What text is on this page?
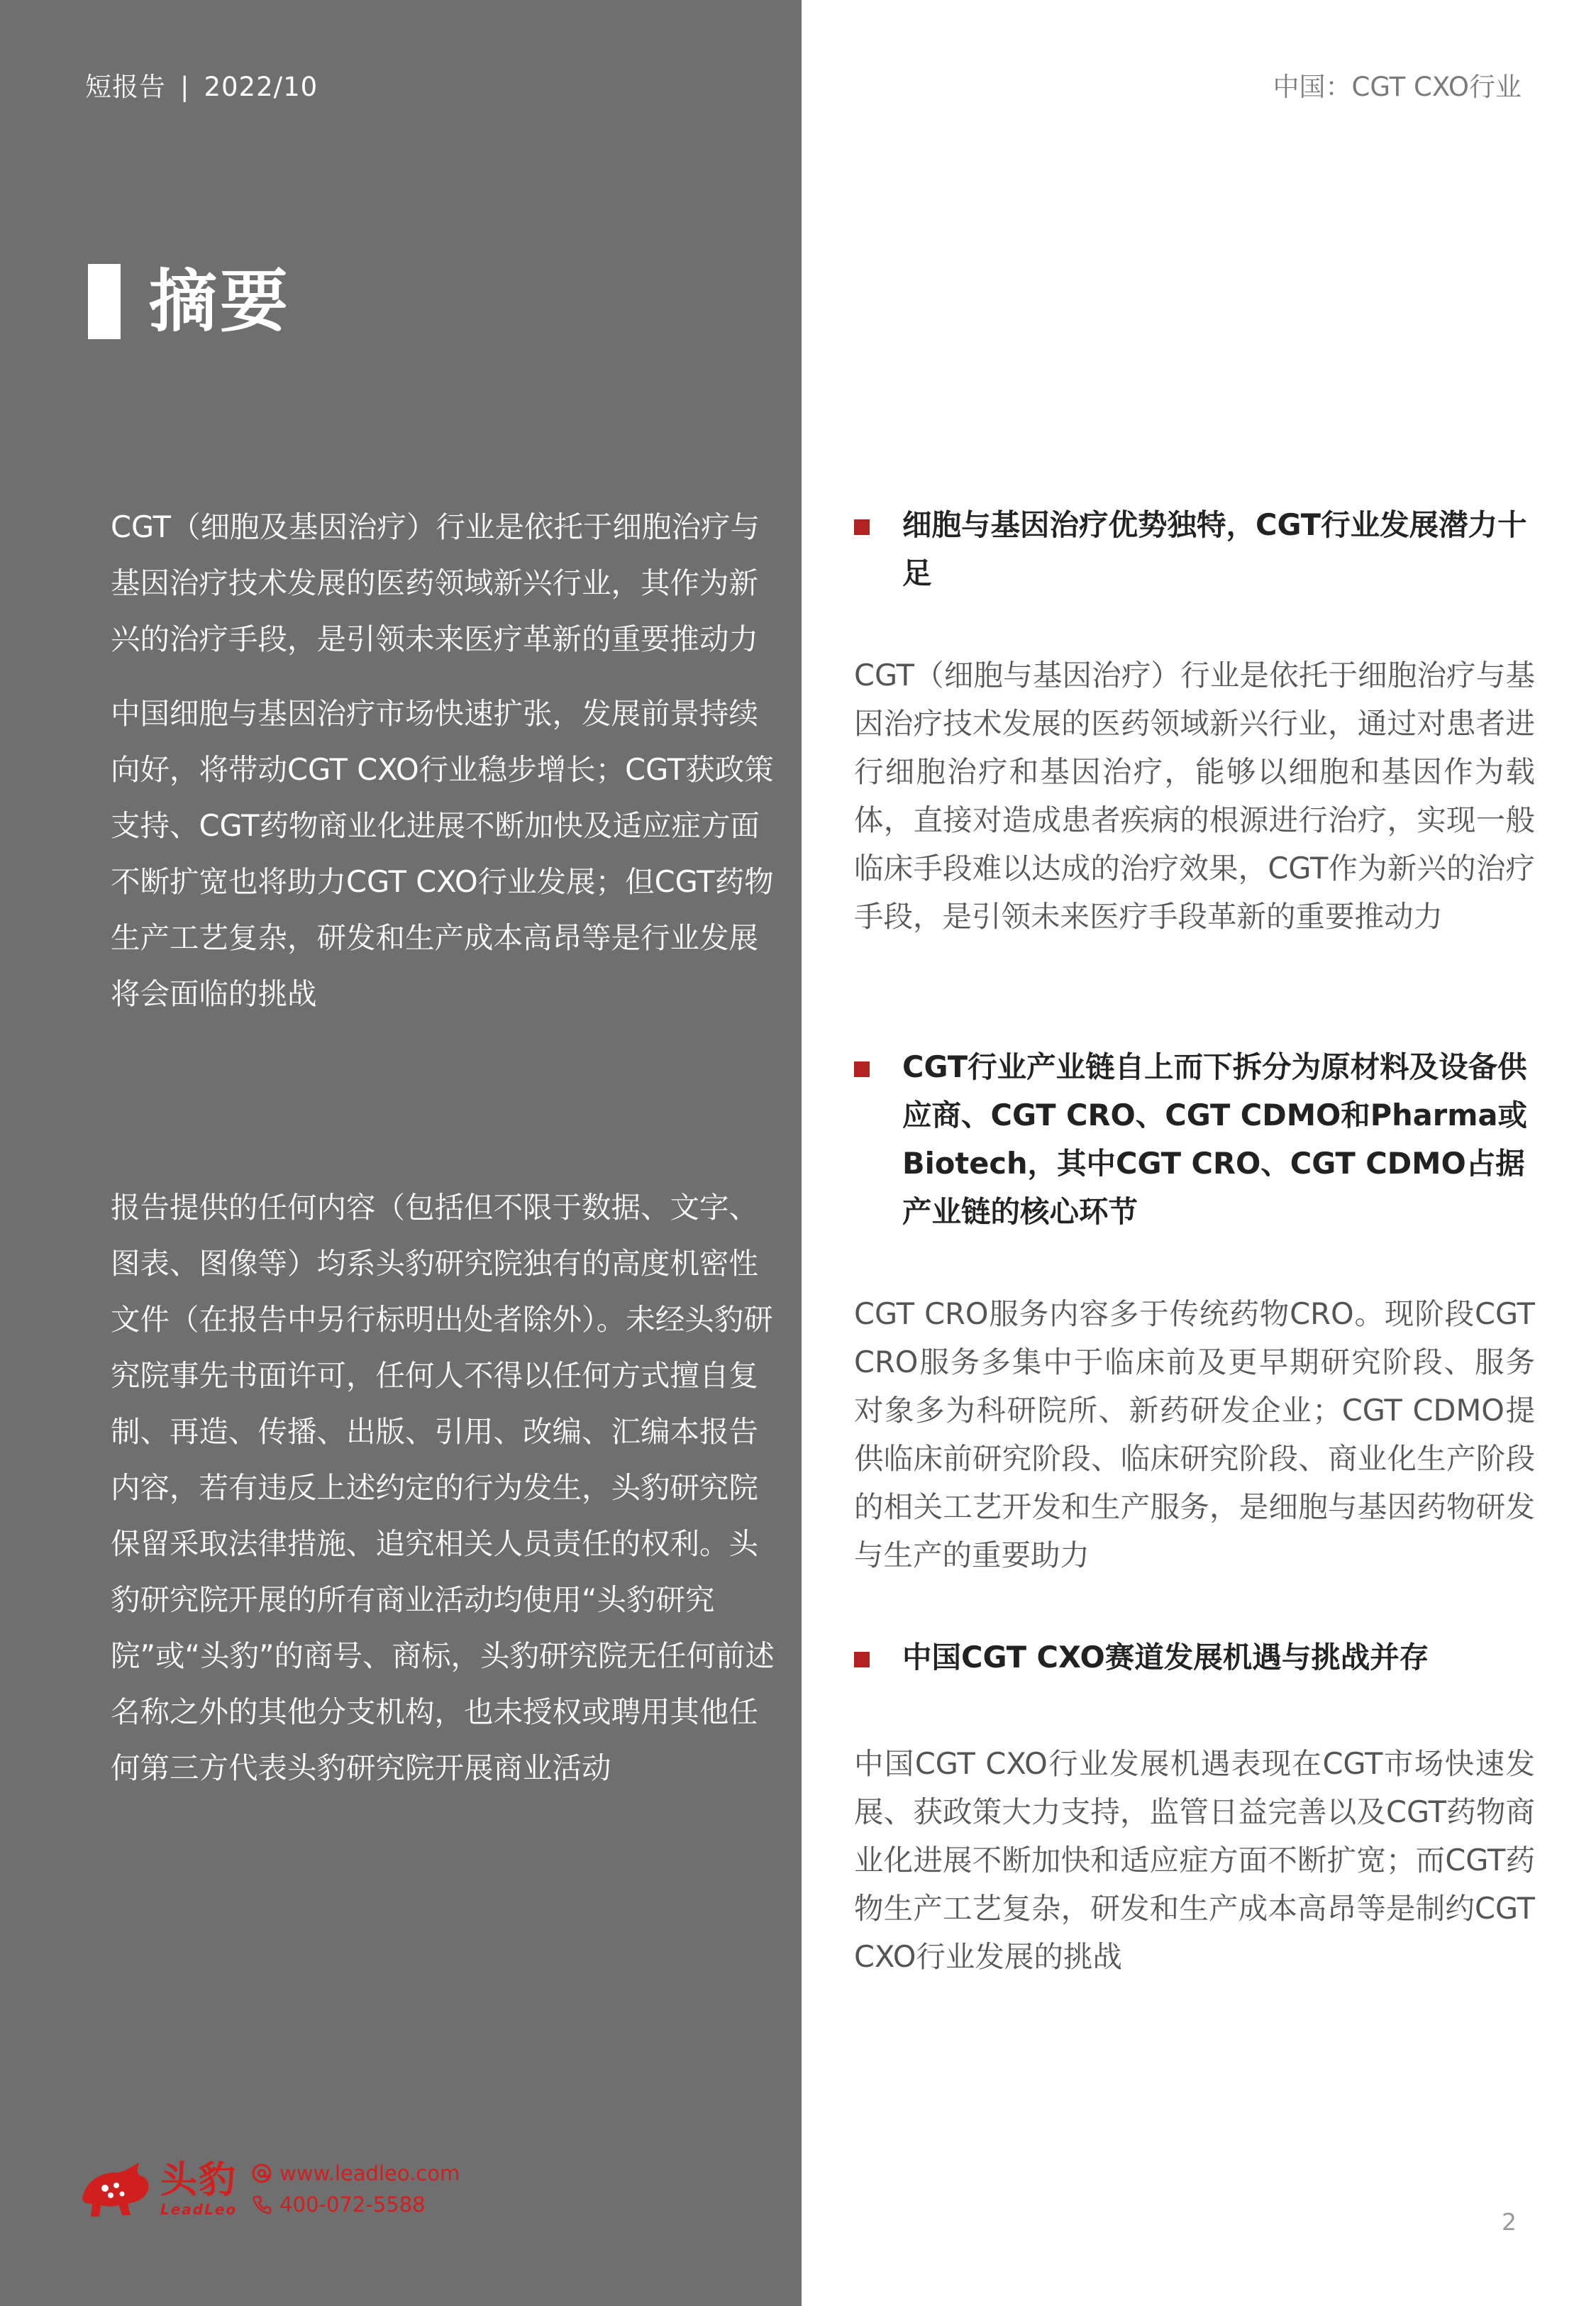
短报告 | 2022/10	中国：CGT CXO行业
摘要

CGT（细胞及基因治疗）行业是依托于细胞治疗与基因治疗技术发展的医药领域新兴行业，其作为新兴的治疗手段，是引领未来医疗革新的重要推动力

中国细胞与基因治疗市场快速扩张，发展前景持续向好，将带动CGT CXO行业稳步增长；CGT获政策支持、CGT药物商业化进展不断加快及适应症方面不断扩宽也将助力CGT CXO行业发展；但CGT药物生产工艺复杂，研发和生产成本高昂等是行业发展将会面临的挑战

报告提供的任何内容（包括但不限于数据、文字、图表、图像等）均系头豹研究院独有的高度机密性文件（在报告中另行标明出处者除外）。未经头豹研究院事先书面许可，任何人不得以任何方式擅自复制、再造、传播、出版、引用、改编、汇编本报告内容，若有违反上述约定的行为发生，头豹研究院保留采取法律措施、追究相关人员责任的权利。头豹研究院开展的所有商业活动均使用“头豹研究院”或“头豹”的商号、商标，头豹研究院无任何前述名称之外的其他分支机构，也未授权或聘用其他任何第三方代表头豹研究院开展商业活动

细胞与基因治疗优势独特，CGT行业发展潜力十足
CGT（细胞与基因治疗）行业是依托于细胞治疗与基因治疗技术发展的医药领域新兴行业，通过对患者进行细胞治疗和基因治疗，能够以细胞和基因作为载体，直接对造成患者疾病的根源进行治疗，实现一般临床手段难以达成的治疗效果，CGT作为新兴的治疗手段，是引领未来医疗手段革新的重要推动力
CGT行业产业链自上而下拆分为原材料及设备供应商、CGT CRO、CGT CDMO和Pharma或Biotech，其中CGT CRO、CGT CDMO占据产业链的核心环节
CGT CRO服务内容多于传统药物CRO。现阶段CGT CRO服务多集中于临床前及更早期研究阶段、服务对象多为科研院所、新药研发企业；CGT CDMO提供临床前研究阶段、临床研究阶段、商业化生产阶段的相关工艺开发和生产服务，是细胞与基因药物研发与生产的重要助力
中国CGT CXO赛道发展机遇与挑战并存
中国CGT CXO行业发展机遇表现在CGT市场快速发展、获政策大力支持，监管日益完善以及CGT药物商业化进展不断加快和适应症方面不断扩宽；而CGT药物生产工艺复杂，研发和生产成本高昂等是制约CGT CXO行业发展的挑战
头豹
LeadLeo
www.leadleo.com
400-072-5588
2
